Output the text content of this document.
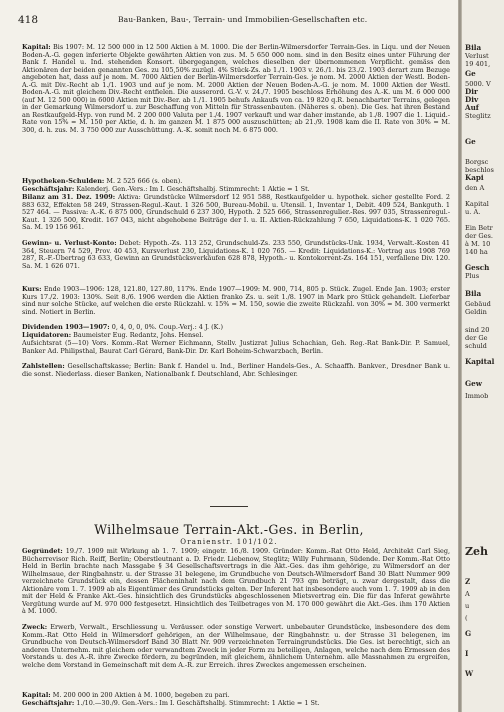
418	Bau-Banken, Bau-, Terrain- und Immobilien-Gesellschaften etc.
Kapital: Bis 1907: M. 12 500 000 in 12 500 Aktien à M. 1000. Die der Berlin-Wilmersdorfer Terrain-Ges. in Liqu. und der Neuen Boden-A.-G. gegen inferierte Objekte gewährten Aktien von zus. M. 5 650 000 nom. sind in den Besitz eines unter Führung der Bank f. Handel u. Ind. stehenden Konsort. übergegangen, welches dieselben der übernommenen Verpflicht. gemäss den Aktionären der beiden genannten Ges. zu 105,50% zuzügl. 4% Stück-Zs. ab 1./1. 1903 v. 26./1. bis 23./2. 1903 derart zum Bezuge angeboten hat, dass auf je nom. M. 7000 Aktien der Berlin-Wilmersdorfer Terrain-Ges. je nom. M. 2000 Aktien der Westl. Boden-A.-G. mit Div.-Recht ab 1./1. 1903 und auf je nom. M. 2000 Aktien der Neuen Boden-A.-G. je nom. M. 1000 Aktien der Westl. Boden-A.-G. mit gleichem Div.-Recht entfielen. Die ausserord. G.-V. v. 24./7. 1905 beschloss Erhöhung des A.-K. um M. 6 000 000 (auf M. 12 500 000) in 6000 Aktien mit Div.-Ber. ab 1./1. 1905 behufs Ankaufs von ca. 19 820 q.R. benachbarter Terrains, gelegen in der Gemarkung Wilmersdorf u. zur Beschaffung von Mitteln für Strassenbauten. (Näheres s. oben). Die Ges. hat ihren Bestand an Restkaufgeld-Hyp. von rund M. 2 200 000 Valuta per 1./4. 1907 verkauft und war daher imstande, ab 1./8. 1907 die 1. Liquid.-Rate von 15% = M. 150 per Aktie, d. h. im ganzen M. 1 875 000 auszuschütten; ab 21./9. 1908 kam die II. Rate von 30% = M. 300, d. h. zus. M. 3 750 000 zur Ausschüttung. A.-K. somit noch M. 6 875 000.
Hypotheken-Schulden: M. 2 525 666 (s. oben).
Geschäftsjahr: Kalenderj. Gen.-Vers.: Im I. Geschäftshalbj. Stimmrecht: 1 Aktie = 1 St.
Bilanz am 31. Dez. 1909: Aktiva: Grundstücke Wilmersdorf 12 951 588, Restkaufgelder u. hypothek. sicher gestellte Ford. 2 883 632, Effekten 58 249, Strassen-Regul.-Kaut. 1 326 500, Bureau-Mobil. u. Utensil. 1, Inventar 1, Debit. 409 524, Bankguth. 1 527 464. — Passiva: A.-K. 6 875 000, Grundschuld 6 237 300, Hypoth. 2 525 666, Strassenregulier.-Res. 997 035, Strassenregul.-Kaut. 1 326 500, Kredit. 167 043, nicht abgehobene Beiträge der I. u. II. Aktien-Rückzahlung 7 650, Liquidations-K. 1 020 765. Sa. M. 19 156 961.
Gewinn- u. Verlust-Konto: Debet: Hypoth.-Zs. 113 252, Grundschuld-Zs. 233 550, Grundstücks-Unk. 1934, Verwalt.-Kosten 41 364, Steuern 74 529, Prov. 40 453, Kursverlust 230, Liquidations-K. 1 020 765. — Kredit: Liquidations-K.: Vortrag aus 1908 769 287, R.-F.-Übertrag 63 633, Gewinn an Grundstücksverkäufen 628 878, Hypoth.- u. Kontokorrent-Zs. 164 151, verfallene Div. 120. Sa. M. 1 626 071.
Kurs: Ende 1903—1906: 128, 121.80, 127.80, 117%. Ende 1907—1909: M. 900, 714, 805 p. Stück. Zugel. Ende Jan. 1903; erster Kurs 17./2. 1903: 130%. Seit 8./6. 1906 werden die Aktien franko Zs. u. seit 1./8. 1907 in Mark pro Stück gehandelt. Lieferbar sind nur solche Stücke, auf welchen die erste Rückzahl. v. 15% = M. 150, sowie die zweite Rückzahl. von 30% = M. 300 vermerkt sind. Notiert in Berlin.
Dividenden 1903—1907: 0, 4, 0, 0, 0%. Coup.-Verj.: 4 J. (K.)
Liquidatoren: Baumeister Eug. Redantz, Johs. Hensel.
Aufsichtsrat (5—10) Vors. Komm.-Rat Werner Eichmann, Stellv. Justizrat Julius Schachian, Geh. Reg.-Rat Bank-Dir. P. Samuel, Banker Ad. Philipsthal, Baurat Carl Gérard, Bank-Dir. Dr. Karl Boheim-Schwarzbach, Berlin.
Zahlstellen: Gesellschaftskasse; Berlin: Bank f. Handel u. Ind., Berliner Handels-Ges., A. Schaaffh. Bankver., Dresdner Bank u. die sonst. Niederlass. dieser Banken, Nationalbank f. Deutschland, Abr. Schlesinger.
Wilhelmsaue Terrain-Akt.-Ges. in Berlin,
Oranienstr. 101/102.
Gegründet: 19./7. 1909 mit Wirkung ab 1. 7. 1909; eingetr. 16./8. 1909. Gründer: Komm.-Rat Otto Held, Architekt Carl Sieg, Bücherrevisor Rich. Reiff, Berlin; Oberstleutnant a. D. Friedr. Liebenow, Steglitz; Willy Fuhrmann, Südende. Der Komm.-Rat Otto Held in Berlin brachte nach Massgabe § 34 Gesellschaftsvertrags in die Akt.-Ges. das ihm gehörige, zu Wilmersdorf an der Wilhelmsaue, der Ringbahnstr. u. der Strasse 31 belegene, im Grundbuche von Deutsch-Wilmersdorf Band 30 Blatt Nummer 909 verzeichnete Grundstück ein, dessen Flächeninhalt nach dem Grundbuch 21 793 qm beträgt, u. zwar dergestalt, dass die Aktionäre vom 1. 7. 1909 ab als Eigentümer des Grundstücks gelten. Der Inferent hat insbesondere auch vom 1. 7. 1909 ab in den mit der Held & Franke Akt.-Ges. hinsichtlich des Grundstücks abgeschlossenen Mietsvertrag ein. Die für das Inferat gewährte Vergütung wurde auf M. 970 000 festgesetzt. Hinsichtlich des Teilbetrages von M. 170 000 gewährt die Akt.-Ges. ihm 170 Aktien à M. 1000.
Zweck: Erwerb, Verwalt., Erschliessung u. Veräusser. oder sonstige Verwert. unbebauter Grundstücke, insbesondere des dem Komm.-Rat Otto Held in Wilmersdorf gehörigen, an der Wilhelmsaue, der Ringbahnstr. u. der Strasse 31 belegenen, im Grundbuche von Deutsch-Wilmersdorf Band 30 Blatt Nr. 909 verzeichneten Terraingrundstücks. Die Ges. ist berechtigt, sich an anderen Unternehm. mit gleichem oder verwandtem Zweck in jeder Form zu beteiligen, Anlagen, welche nach dem Ermessen des Vorstands u. des A.-R. ihre Zwecke fördern, zu begründen, mit gleichem, ähnlichem Unternehm. alle Massnahmen zu ergreifen, welche dem Vorstand in Gemeinschaft mit dem A.-R. zur Erreich. ihres Zweckes angemessen erscheinen.
Kapital: M. 200 000 in 200 Aktien à M. 1000, begeben zu pari.
Geschäftsjahr: 1./10.—30./9. Gen.-Vers.: Im I. Geschäftshalbj. Stimmrecht: 1 Aktie = 1 St.
Bila
Verlust
19 401,
Ge
5000. V
Dir
Div
Auf
Steglitz
Ge
Borgsc
beschlos
Kapi
den A
Kapital
u. A.
Ein Betr
der Ges.
à M. 10
140 ha
Gesch
Plus
Bila
Gebäud
Geldin
sind 20
der Ge
schuld
Kapital
Gew
Immob
Zeh
Z
A
u
(
G
I
W
